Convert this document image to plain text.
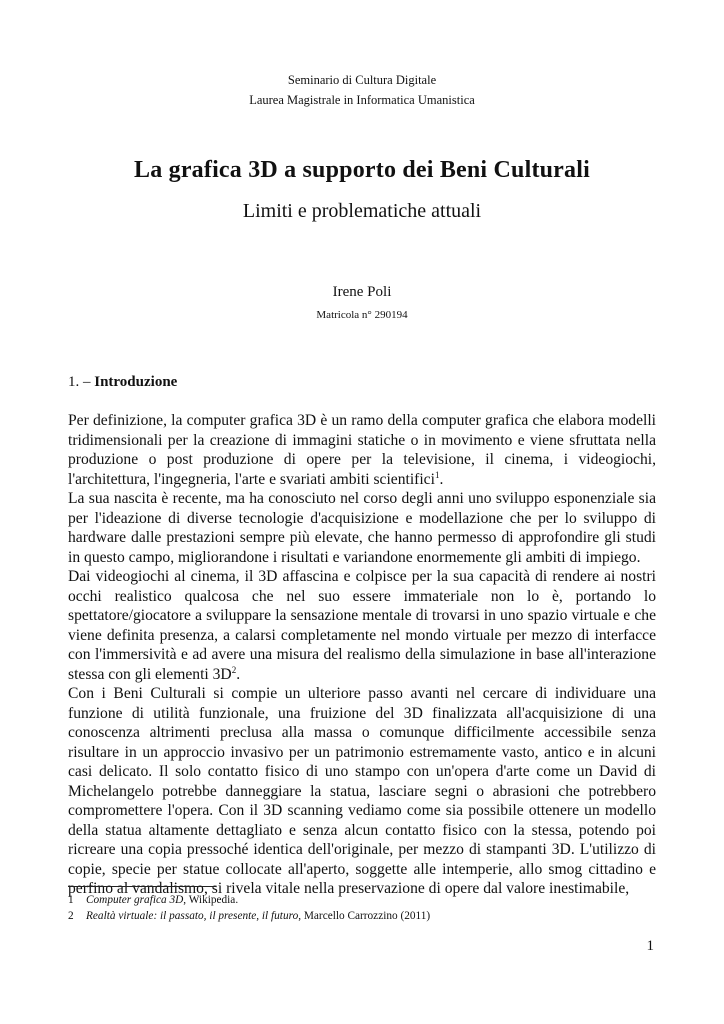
Seminario di Cultura Digitale
Laurea Magistrale in Informatica Umanistica
La grafica 3D a supporto dei Beni Culturali
Limiti e problematiche attuali
Irene Poli
Matricola n° 290194
1. – Introduzione

Per definizione, la computer grafica 3D è un ramo della computer grafica che elabora modelli tridimensionali per la creazione di immagini statiche o in movimento e viene sfruttata nella produzione o post produzione di opere per la televisione, il cinema, i videogiochi, l'architettura, l'ingegneria, l'arte e svariati ambiti scientifici$^1$.

La sua nascita è recente, ma ha conosciuto nel corso degli anni uno sviluppo esponenziale sia per l'ideazione di diverse tecnologie d'acquisizione e modellazione che per lo sviluppo di hardware dalle prestazioni sempre più elevate, che hanno permesso di approfondire gli studi in questo campo, migliorandone i risultati e variandone enormemente gli ambiti di impiego.

Dai videogiochi al cinema, il 3D affascina e colpisce per la sua capacità di rendere ai nostri occhi realistico qualcosa che nel suo essere immateriale non lo è, portando lo spettatore/giocatore a sviluppare la sensazione mentale di trovarsi in uno spazio virtuale e che viene definita presenza, a calarsi completamente nel mondo virtuale per mezzo di interfacce con l'immersività e ad avere una misura del realismo della simulazione in base all'interazione stessa con gli elementi $3D^2$.

Con i Beni Culturali si compie un ulteriore passo avanti nel cercare di individuare una funzione di utilità funzionale, una fruizione del 3D finalizzata all'acquisizione di una conoscenza altrimenti preclusa alla massa o comunque difficilmente accessibile senza risultare in un approccio invasivo per un patrimonio estremamente vasto, antico e in alcuni casi delicato. Il solo contatto fisico di uno stampo con un'opera d'arte come un David di Michelangelo potrebbe danneggiare la statua, lasciare segni o abrasioni che potrebbero compromettere l'opera. Con il 3D scanning vediamo come sia possibile ottenere un modello della statua altamente dettagliato e senza alcun contatto fisico con la stessa, potendo poi ricreare una copia pressoché identica dell'originale, per mezzo di stampanti 3D. L'utilizzo di copie, specie per statue collocate all'aperto, soggette alle intemperie, allo smog cittadino e perfino al vandalismo, si rivela vitale nella preservazione di opere dal valore inestimabile,

1	Computer grafica 3D, Wikipedia.
2	Realtà virtuale: il passato, il presente, il futuro, Marcello Carrozzino (2011)
1
